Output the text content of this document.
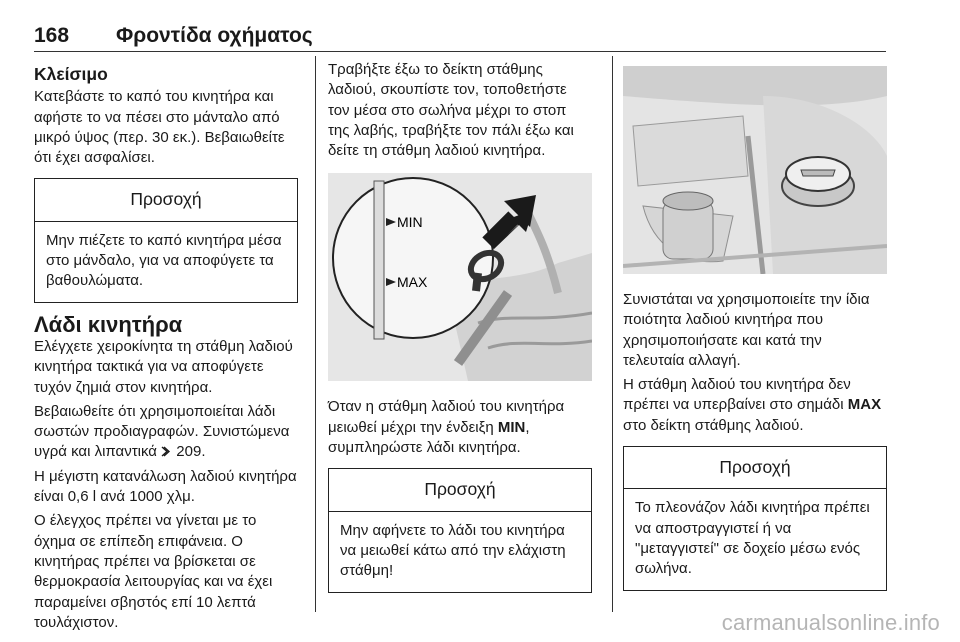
168 Φροντίδα οχήματος
Κλείσιμο

Κατεβάστε το καπό του κινητήρα και αφήστε το να πέσει στο μάνταλο από μικρό ύψος (περ. 30 εκ.). Βεβαιωθείτε ότι έχει ασφαλίσει.

Προσοχή
Μην πιέζετε το καπό κινητήρα μέσα στο μάνδαλο, για να αποφύγετε τα βαθουλώματα.
Λάδι κινητήρα

Ελέγχετε χειροκίνητα τη στάθμη λαδιού κινητήρα τακτικά για να αποφύγετε τυχόν ζημιά στον κινητήρα.

Βεβαιωθείτε ότι χρησιμοποιείται λάδι σωστών προδιαγραφών. Συνιστώμενα υγρά και λιπαντικά 209.

Η μέγιστη κατανάλωση λαδιού κινητήρα είναι 0,6 l ανά 1000 χλμ.

Ο έλεγχος πρέπει να γίνεται με το όχημα σε επίπεδη επιφάνεια. Ο κινητήρας πρέπει να βρίσκεται σε θερμοκρασία λειτουργίας και να έχει παραμείνει σβηστός επί 10 λεπτά τουλάχιστον.

Τραβήξτε έξω το δείκτη στάθμης λαδιού, σκουπίστε τον, τοποθετήστε τον μέσα στο σωλήνα μέχρι το στοπ της λαβής, τραβήξτε τον πάλι έξω και δείτε τη στάθμη λαδιού κινητήρα.

MIN
MAX

Όταν η στάθμη λαδιού του κινητήρα μειωθεί μέχρι την ένδειξη MIN, συμπληρώστε λάδι κινητήρα.

Προσοχή
Μην αφήνετε το λάδι του κινητήρα να μειωθεί κάτω από την ελάχιστη στάθμη!

Συνιστάται να χρησιμοποιείτε την ίδια ποιότητα λαδιού κινητήρα που χρησιμοποιήσατε και κατά την τελευταία αλλαγή.

Η στάθμη λαδιού του κινητήρα δεν πρέπει να υπερβαίνει στο σημάδι MAX στο δείκτη στάθμης λαδιού.

Προσοχή
Το πλεονάζον λάδι κινητήρα πρέπει να αποστραγγιστεί ή να "μεταγγιστεί" σε δοχείο μέσω ενός σωλήνα.
carmanualsonline.info
